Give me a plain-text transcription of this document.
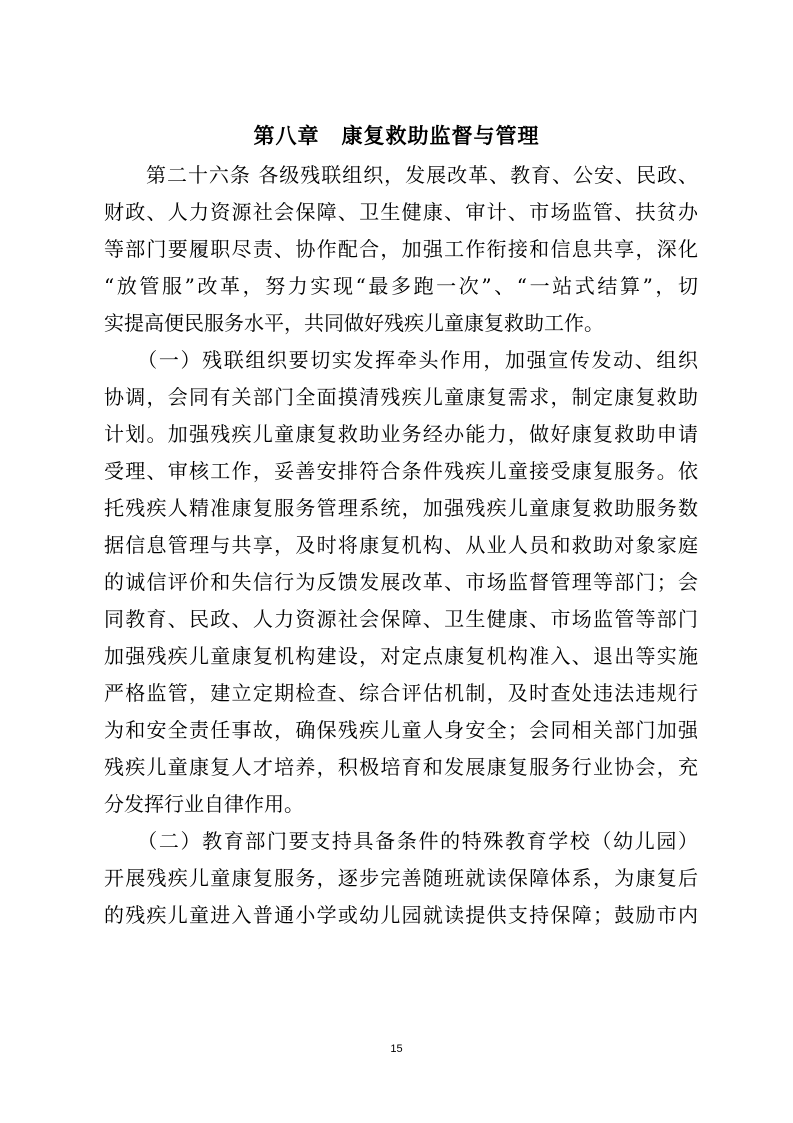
第八章　康复救助监督与管理
　　第二十六条 各级残联组织，发展改革、教育、公安、民政、
财政、人力资源社会保障、卫生健康、审计、市场监管、扶贫办
等部门要履职尽责、协作配合，加强工作衔接和信息共享，深化
“放管服”改革，努力实现“最多跑一次”、“一站式结算”，切
实提高便民服务水平，共同做好残疾儿童康复救助工作。
　　（一）残联组织要切实发挥牵头作用，加强宣传发动、组织
协调，会同有关部门全面摸清残疾儿童康复需求，制定康复救助
计划。加强残疾儿童康复救助业务经办能力，做好康复救助申请
受理、审核工作，妥善安排符合条件残疾儿童接受康复服务。依
托残疾人精准康复服务管理系统，加强残疾儿童康复救助服务数
据信息管理与共享，及时将康复机构、从业人员和救助对象家庭
的诚信评价和失信行为反馈发展改革、市场监督管理等部门；会
同教育、民政、人力资源社会保障、卫生健康、市场监管等部门
加强残疾儿童康复机构建设，对定点康复机构准入、退出等实施
严格监管，建立定期检查、综合评估机制，及时查处违法违规行
为和安全责任事故，确保残疾儿童人身安全；会同相关部门加强
残疾儿童康复人才培养，积极培育和发展康复服务行业协会，充
分发挥行业自律作用。
　　（二）教育部门要支持具备条件的特殊教育学校（幼儿园）
开展残疾儿童康复服务，逐步完善随班就读保障体系，为康复后
的残疾儿童进入普通小学或幼儿园就读提供支持保障；鼓励市内
15
